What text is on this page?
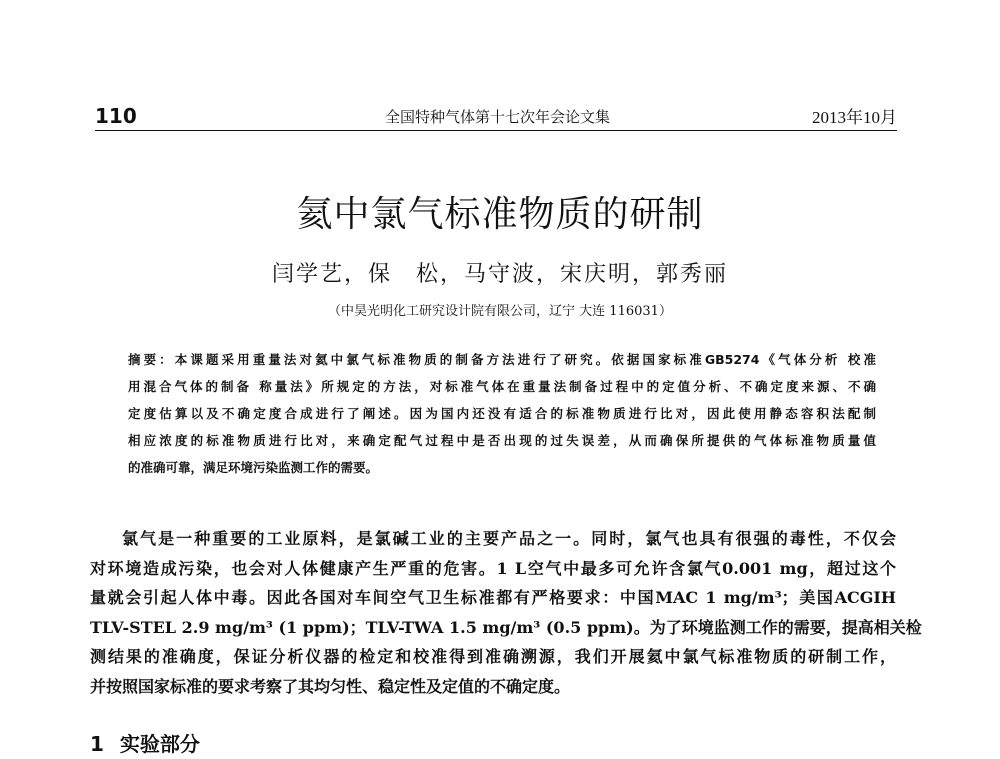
110	全国特种气体第十七次年会论文集	2013年10月
氦中氯气标准物质的研制
闫学艺，保　松，马守波，宋庆明，郭秀丽
（中昊光明化工研究设计院有限公司，辽宁 大连 116031）
摘要：本课题采用重量法对氦中氯气标准物质的制备方法进行了研究。依据国家标准GB5274《气体分析 校准
用混合气体的制备 称量法》所规定的方法，对标准气体在重量法制备过程中的定值分析、不确定度来源、不确
定度估算以及不确定度合成进行了阐述。因为国内还没有适合的标准物质进行比对，因此使用静态容积法配制
相应浓度的标准物质进行比对，来确定配气过程中是否出现的过失误差，从而确保所提供的气体标准物质量值
的准确可靠，满足环境污染监测工作的需要。
氯气是一种重要的工业原料，是氯碱工业的主要产品之一。同时，氯气也具有很强的毒性，不仅会
对环境造成污染，也会对人体健康产生严重的危害。1 L空气中最多可允许含氯气0.001 mg，超过这个
量就会引起人体中毒。因此各国对车间空气卫生标准都有严格要求：中国MAC 1 mg/m³；美国ACGIH
TLV-STEL 2.9 mg/m³ (1 ppm)；TLV-TWA 1.5 mg/m³ (0.5 ppm)。为了环境监测工作的需要，提高相关检
测结果的准确度，保证分析仪器的检定和校准得到准确溯源，我们开展氦中氯气标准物质的研制工作，
并按照国家标准的要求考察了其均匀性、稳定性及定值的不确定度。
1 实验部分
